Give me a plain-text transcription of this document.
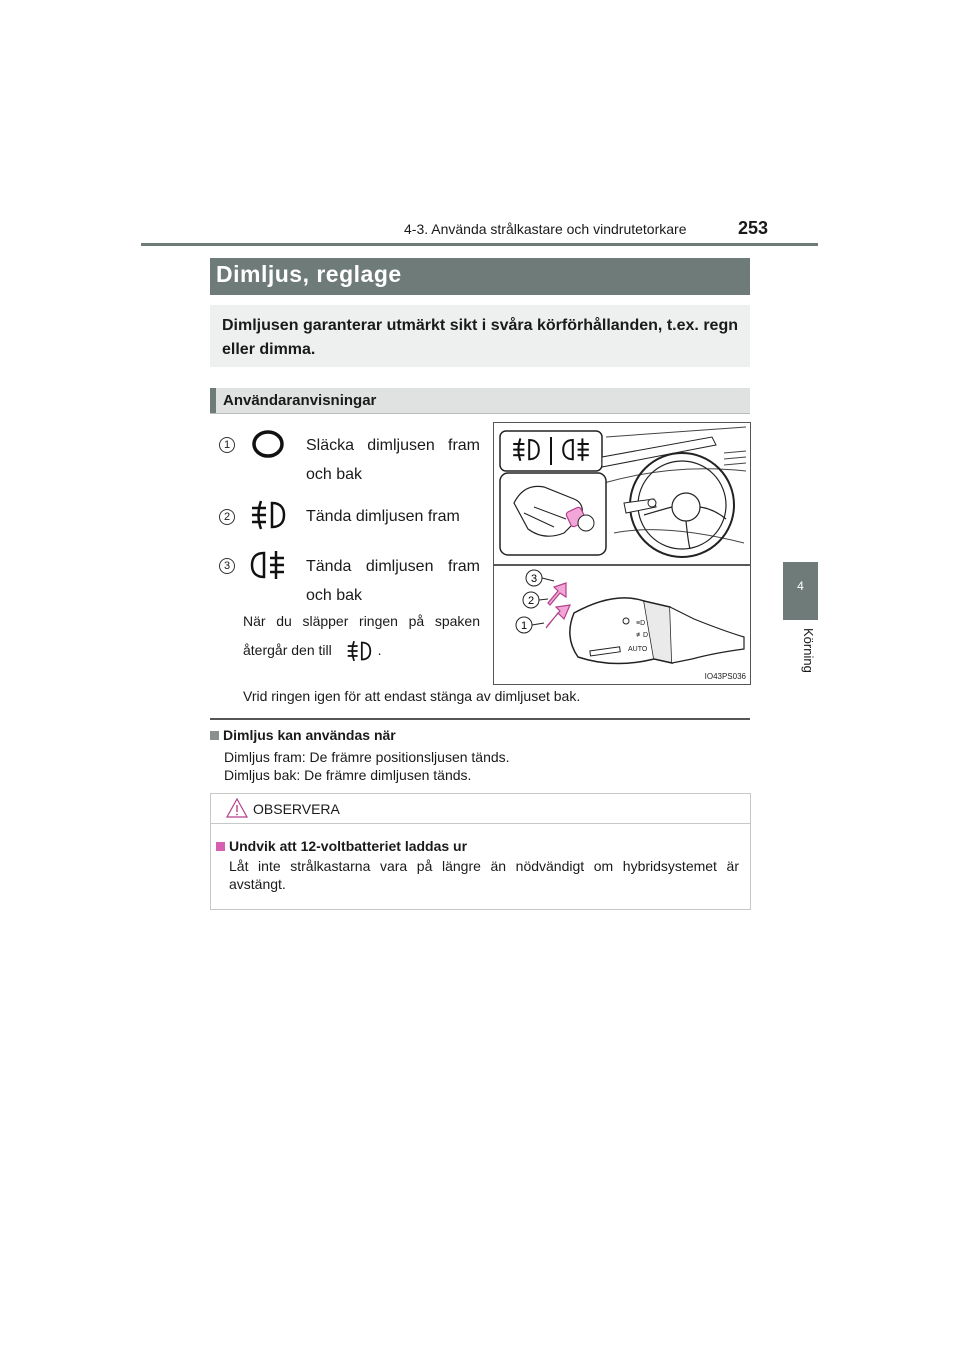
4-3. Använda strålkastare och vindrutetorkare	253
4
Körning
Dimljus, reglage
Dimljusen garanterar utmärkt sikt i svåra körförhållanden, t.ex. regn eller dimma.
Användaranvisningar
1	Släcka dimljusen fram och bak
2	Tända dimljusen fram
3	Tända dimljusen fram och bak
När du släpper ringen på spaken återgår den till	.	AUTO
≡D
≢D
1
2
3
IO43PS036
Vrid ringen igen för att endast stänga av dimljuset bak.
Dimljus kan användas när
Dimljus fram: De främre positionsljusen tänds.
Dimljus bak: De främre dimljusen tänds.
OBSERVERA
Undvik att 12-voltbatteriet laddas ur
Låt inte strålkastarna vara på längre än nödvändigt om hybridsystemet är avstängt.
